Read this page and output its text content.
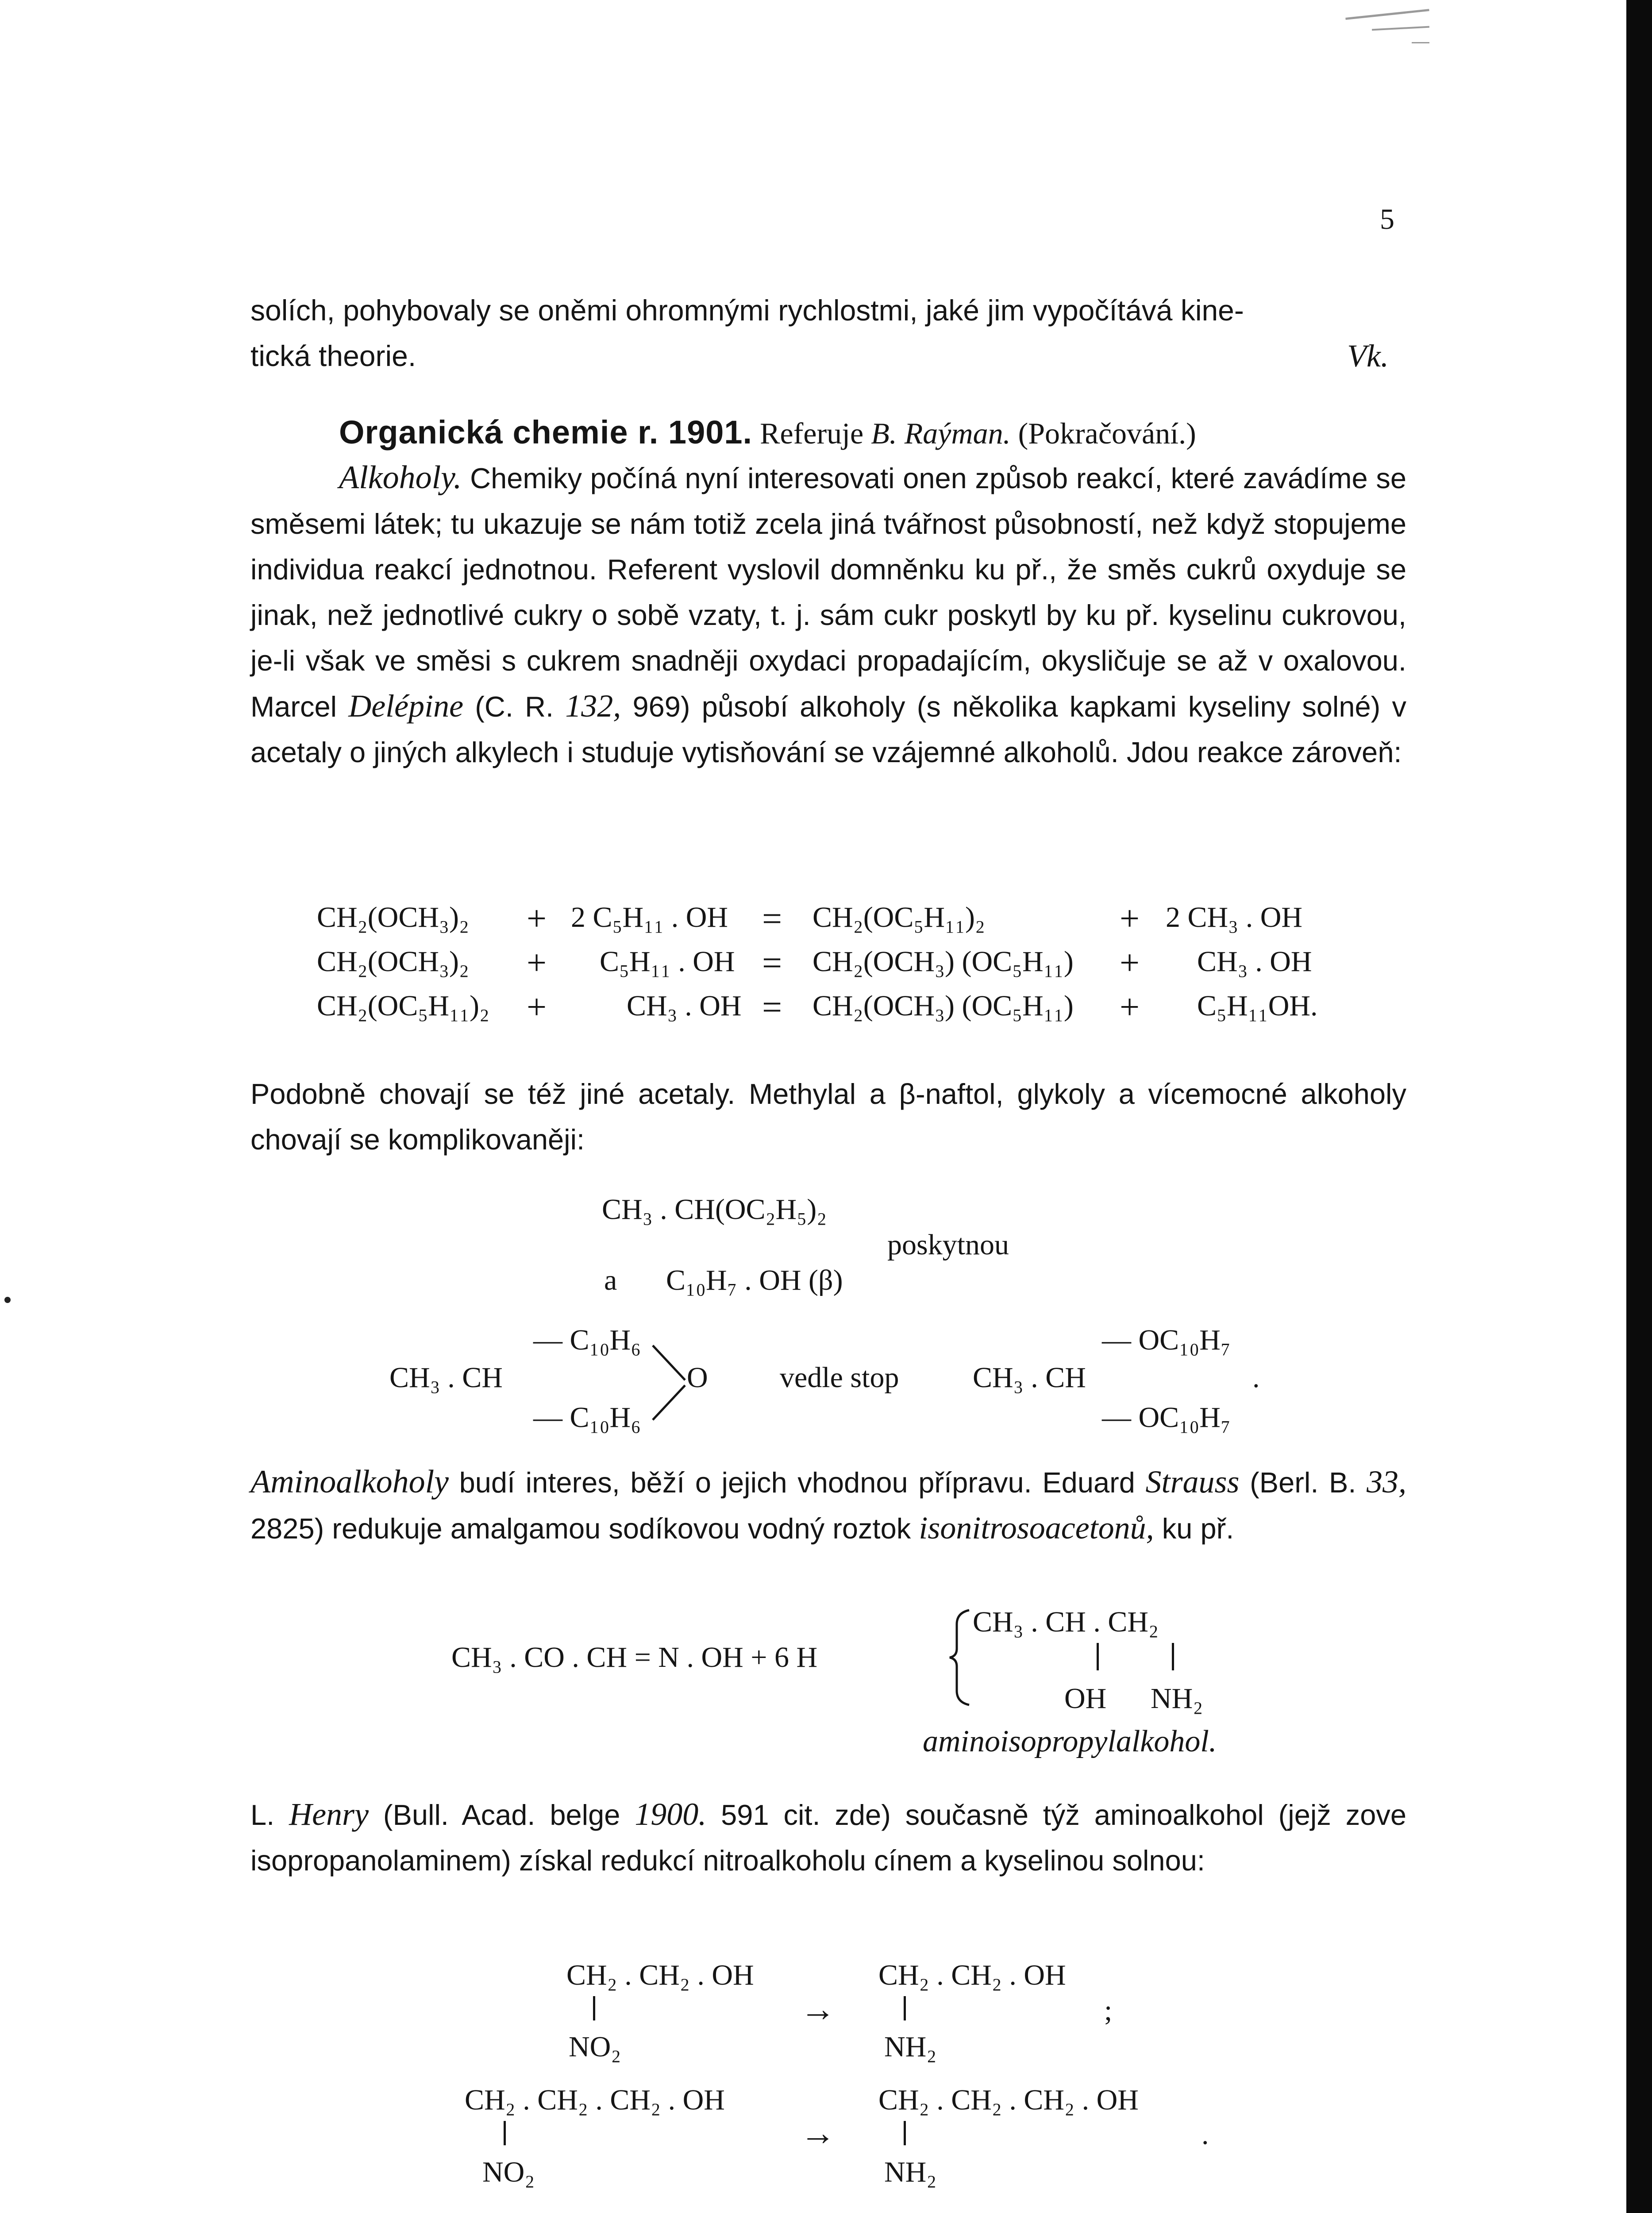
5

solích, pohybovaly se oněmi ohromnými rychlostmi, jaké jim vypočítává kine-

tická theorie.	Vk.

Organická chemie r. 1901. Referuje B. Raýman. (Pokračování.)

Alkoholy. Chemiky počíná nyní interesovati onen způsob reakcí, které zavádíme se směsemi látek; tu ukazuje se nám totiž zcela jiná tvářnost působností, než když stopujeme individua reakcí jednotnou. Referent vyslovil domněnku ku př., že směs cukrů oxyduje se jinak, než jednotlivé cukry o sobě vzaty, t. j. sám cukr poskytl by ku př. kyselinu cukrovou, je-li však ve směsi s cukrem snadněji oxydaci propadajícím, okysličuje se až v oxalovou. Marcel Delépine (C. R. 132, 969) působí alkoholy (s několika kapkami kyseliny solné) v acetaly o jiných alkylech i studuje vytisňování se vzájemné alkoholů. Jdou reakce zároveň:

CH₂(OCH₃)₂ + 2 C₅H₁₁ . OH = CH₂(OC₅H₁₁)₂	+ 2 CH₃ . OH
CH₂(OCH₃)₂ + C₅H₁₁ . OH = CH₂(OCH₃) (OC₅H₁₁) + CH₃ . OH
CH₂(OC₅H₁₁)₂ +	CH₃ . OH = CH₂(OCH₃) (OC₅H₁₁) + C₅H₁₁OH.

Podobně chovají se též jiné acetaly. Methylal a β-naftol, glykoly a vícemocné alkoholy chovají se komplikovaněji:

CH₃ . CH(OC₂H₅)₂
poskytnou
a C₁₀H₇ . OH (β)
CH₃ . CH
— C₁₀H₆
— C₁₀H₆
O vedle stop	CH₃ . CH
— OC₁₀H₇
— OC₁₀H₇
.

Aminoalkoholy budí interes, běží o jejich vhodnou přípravu. Eduard Strauss (Berl. B. 33, 2825) redukuje amalgamou sodíkovou vodný roztok isonitrosoacetonů, ku př.

CH₃ . CO . CH = N . OH + 6 H
CH₃ . CH . CH₂
OH NH₂
aminoisopropylalkohol.

L. Henry (Bull. Acad. belge 1900. 591 cit. zde) současně týž aminoalkohol (jejž zove isopropanolaminem) získal redukcí nitroalkoholu cínem a kyselinou solnou:

CH₂ . CH₂ . OH
NO₂
→
CH₂ . CH₂ . OH
NH₂
;
CH₂ . CH₂ . CH₂ . OH
NO₂
→
CH₂ . CH₂ . CH₂ . OH
NH₂
.
